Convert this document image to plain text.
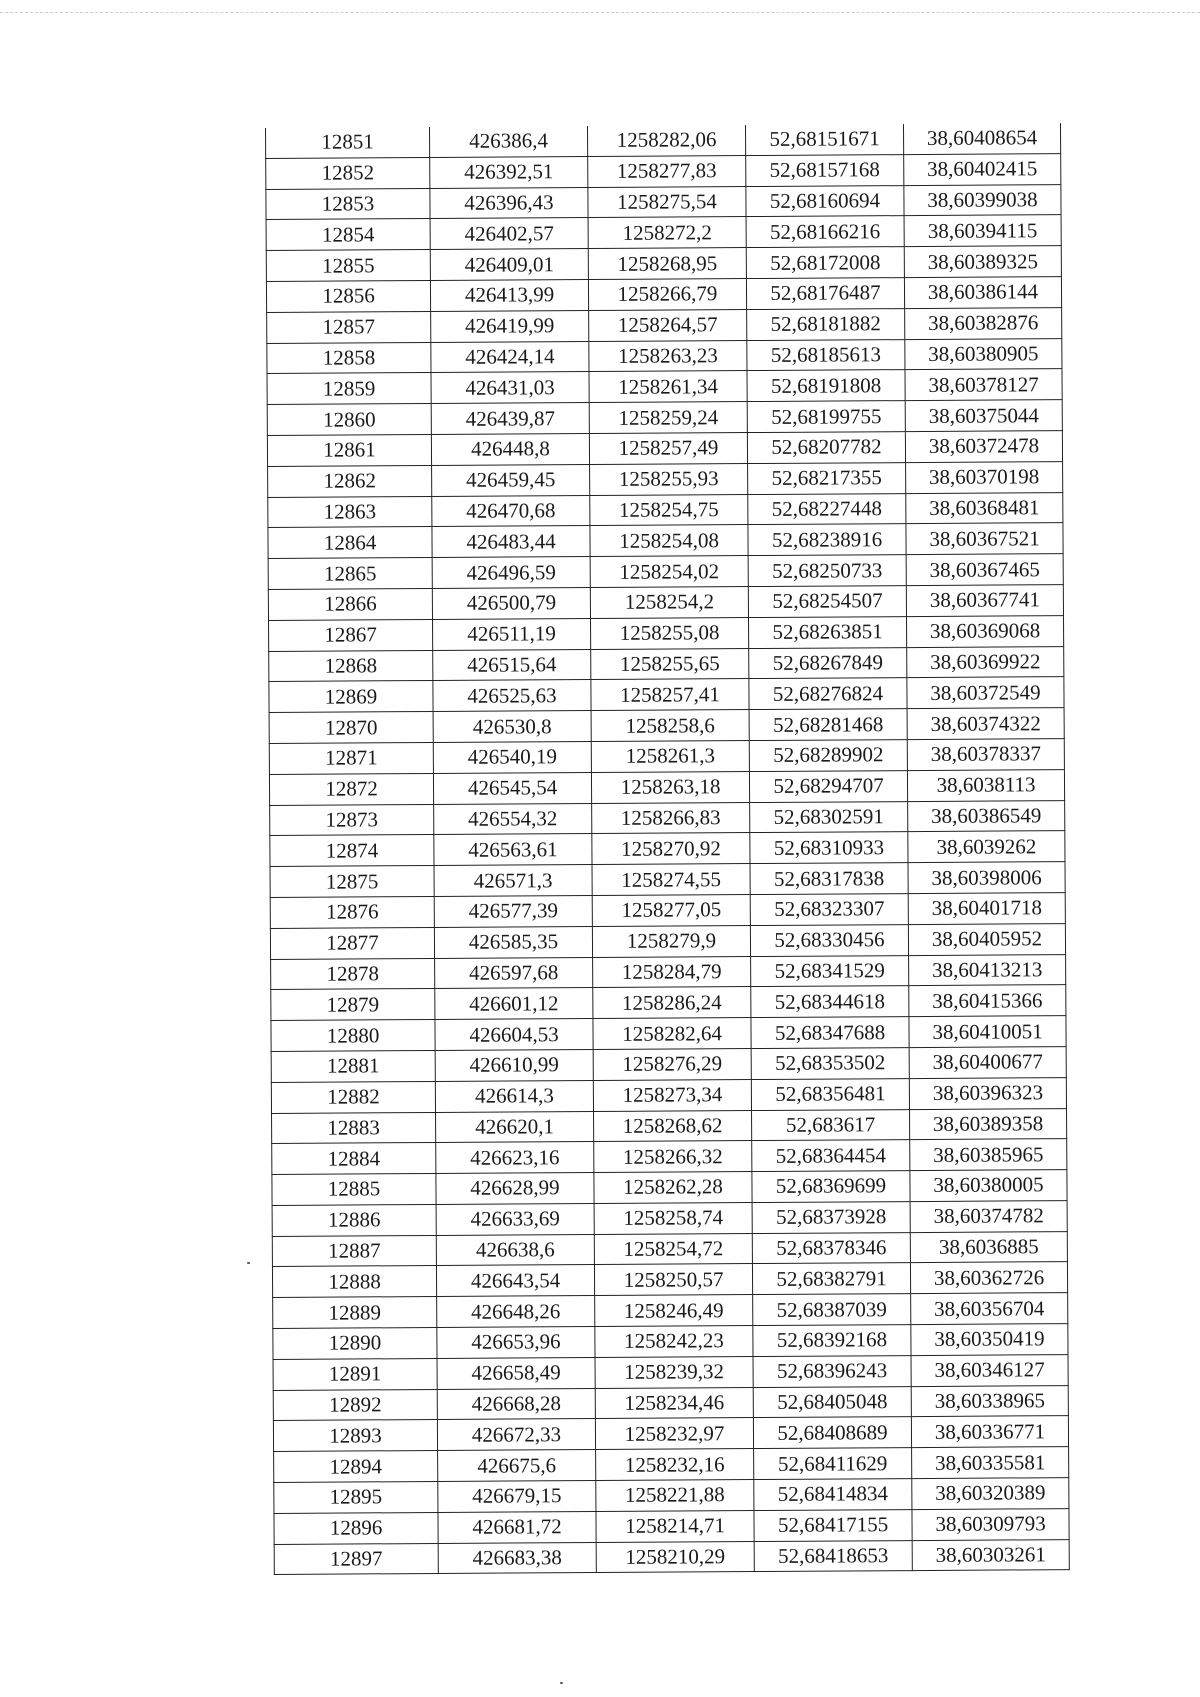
12851	426386,4	1258282,06	52,68151671	38,60408654
12852	426392,51	1258277,83	52,68157168	38,60402415
12853	426396,43	1258275,54	52,68160694	38,60399038
12854	426402,57	1258272,2	52,68166216	38,60394115
12855	426409,01	1258268,95	52,68172008	38,60389325
12856	426413,99	1258266,79	52,68176487	38,60386144
12857	426419,99	1258264,57	52,68181882	38,60382876
12858	426424,14	1258263,23	52,68185613	38,60380905
12859	426431,03	1258261,34	52,68191808	38,60378127
12860	426439,87	1258259,24	52,68199755	38,60375044
12861	426448,8	1258257,49	52,68207782	38,60372478
12862	426459,45	1258255,93	52,68217355	38,60370198
12863	426470,68	1258254,75	52,68227448	38,60368481
12864	426483,44	1258254,08	52,68238916	38,60367521
12865	426496,59	1258254,02	52,68250733	38,60367465
12866	426500,79	1258254,2	52,68254507	38,60367741
12867	426511,19	1258255,08	52,68263851	38,60369068
12868	426515,64	1258255,65	52,68267849	38,60369922
12869	426525,63	1258257,41	52,68276824	38,60372549
12870	426530,8	1258258,6	52,68281468	38,60374322
12871	426540,19	1258261,3	52,68289902	38,60378337
12872	426545,54	1258263,18	52,68294707	38,6038113
12873	426554,32	1258266,83	52,68302591	38,60386549
12874	426563,61	1258270,92	52,68310933	38,6039262
12875	426571,3	1258274,55	52,68317838	38,60398006
12876	426577,39	1258277,05	52,68323307	38,60401718
12877	426585,35	1258279,9	52,68330456	38,60405952
12878	426597,68	1258284,79	52,68341529	38,60413213
12879	426601,12	1258286,24	52,68344618	38,60415366
12880	426604,53	1258282,64	52,68347688	38,60410051
12881	426610,99	1258276,29	52,68353502	38,60400677
12882	426614,3	1258273,34	52,68356481	38,60396323
12883	426620,1	1258268,62	52,683617	38,60389358
12884	426623,16	1258266,32	52,68364454	38,60385965
12885	426628,99	1258262,28	52,68369699	38,60380005
12886	426633,69	1258258,74	52,68373928	38,60374782
12887	426638,6	1258254,72	52,68378346	38,6036885
12888	426643,54	1258250,57	52,68382791	38,60362726
12889	426648,26	1258246,49	52,68387039	38,60356704
12890	426653,96	1258242,23	52,68392168	38,60350419
12891	426658,49	1258239,32	52,68396243	38,60346127
12892	426668,28	1258234,46	52,68405048	38,60338965
12893	426672,33	1258232,97	52,68408689	38,60336771
12894	426675,6	1258232,16	52,68411629	38,60335581
12895	426679,15	1258221,88	52,68414834	38,60320389
12896	426681,72	1258214,71	52,68417155	38,60309793
12897	426683,38	1258210,29	52,68418653	38,60303261
